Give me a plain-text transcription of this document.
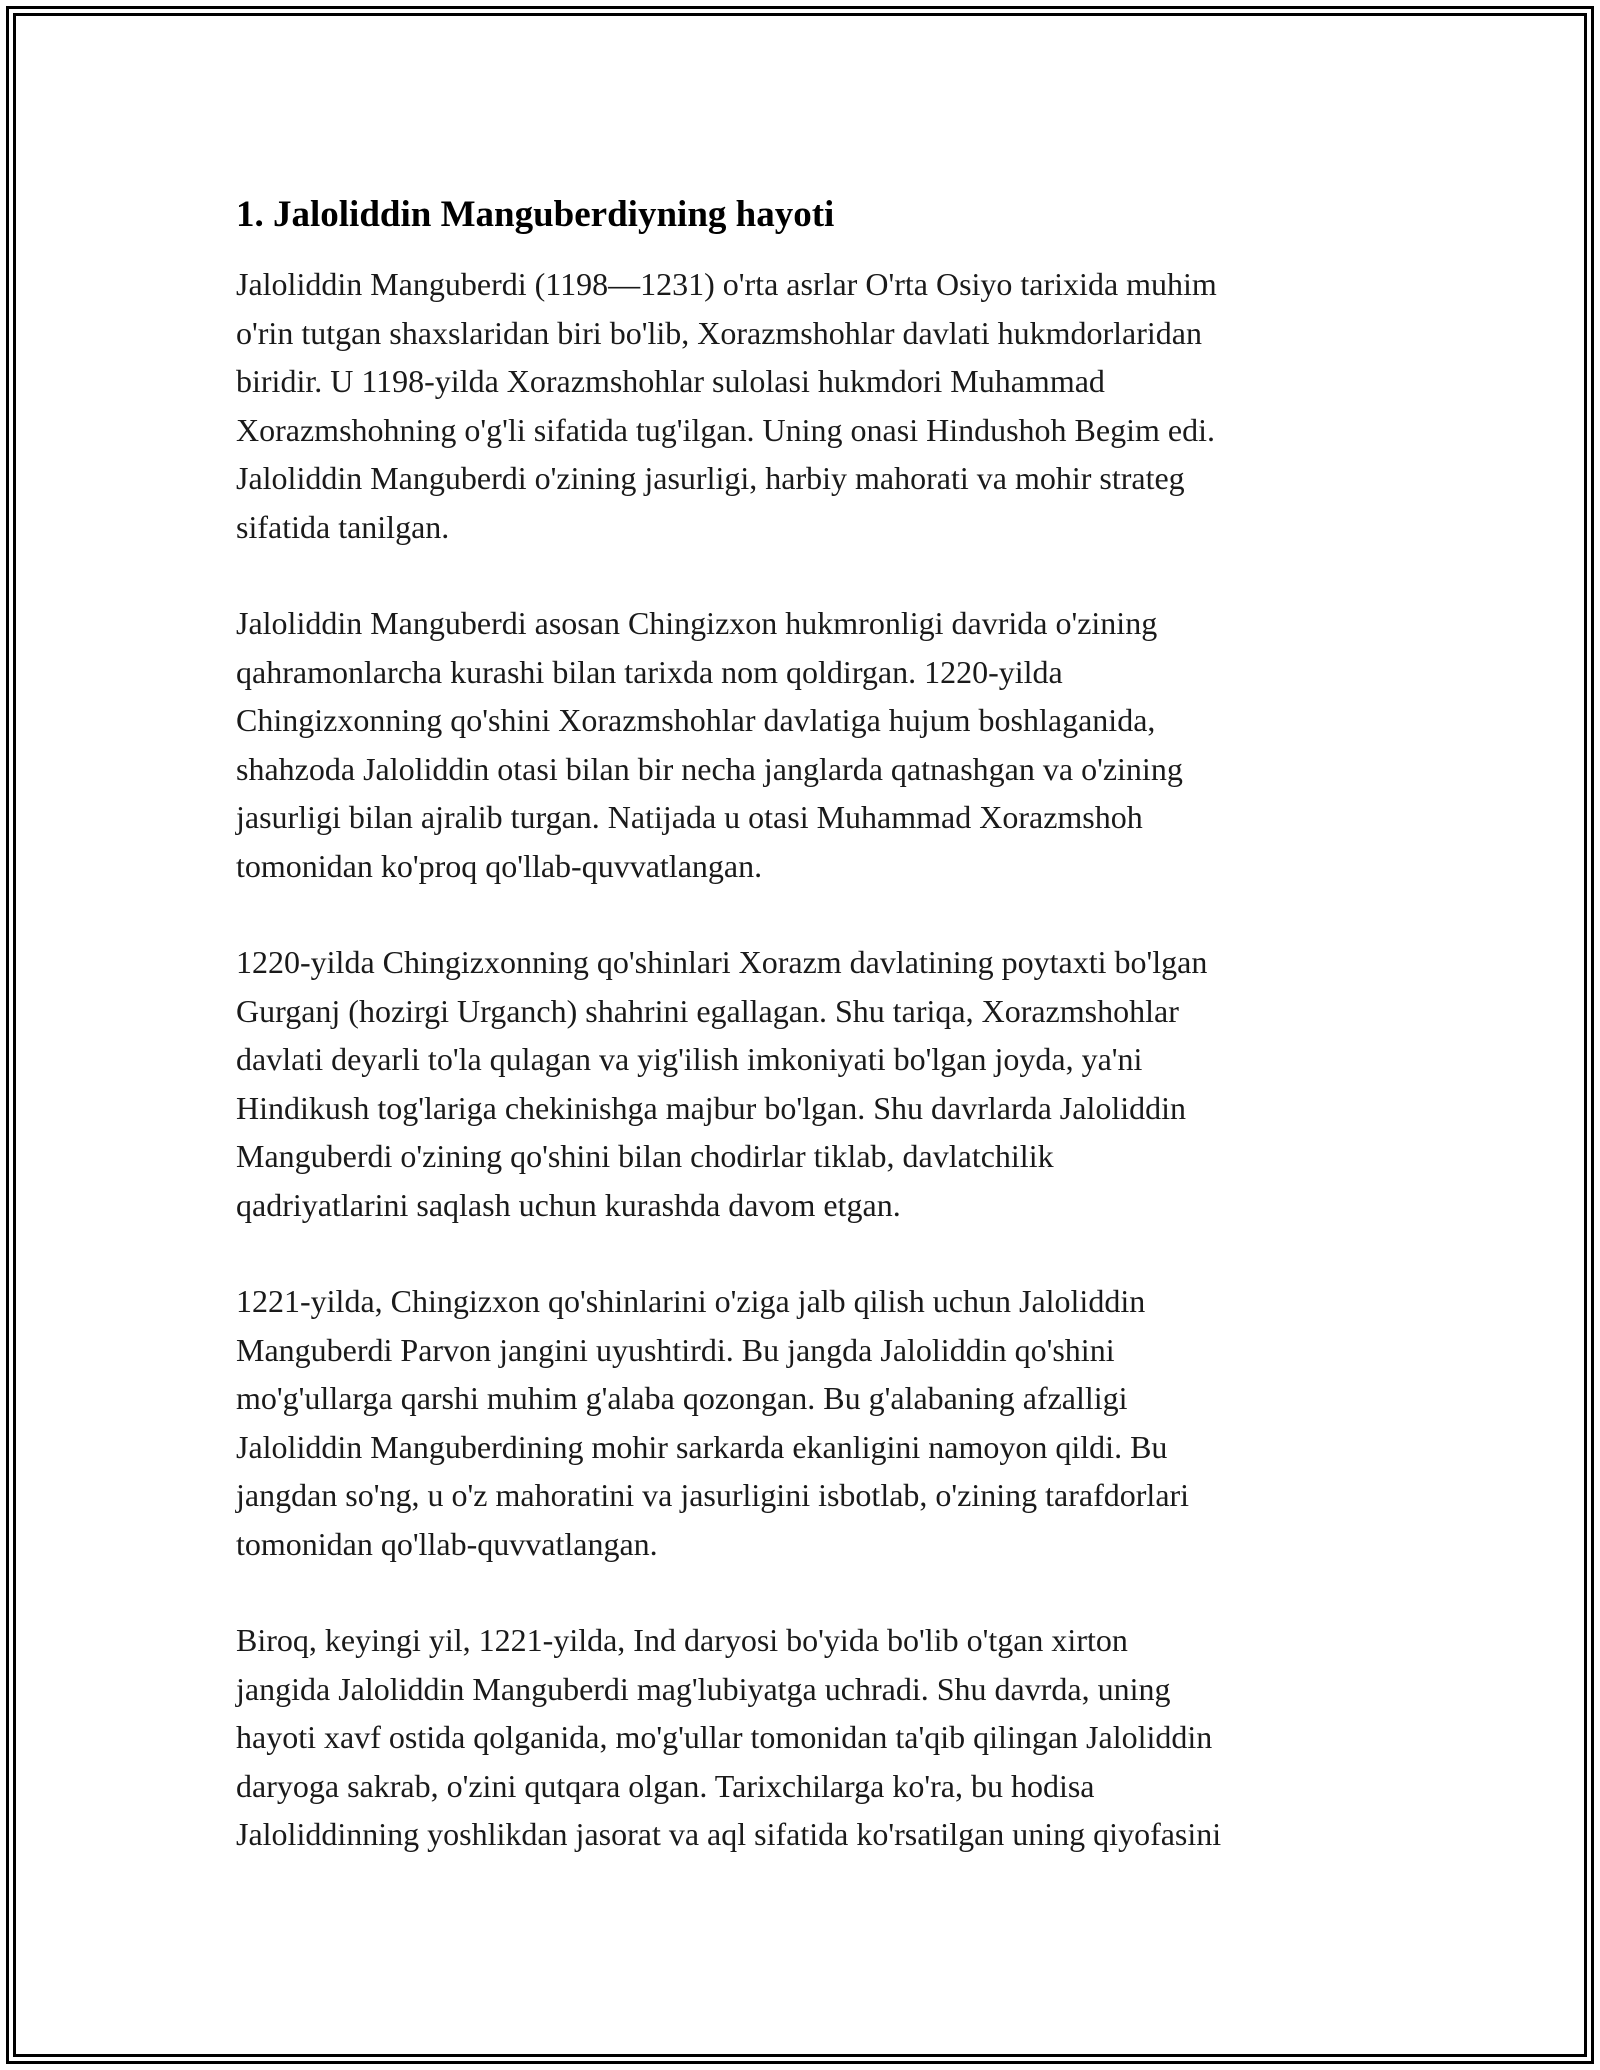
1. Jaloliddin Manguberdiyning hayoti
Jaloliddin Manguberdi (1198—1231) o'rta asrlar O'rta Osiyo tarixida muhim
o'rin tutgan shaxslaridan biri bo'lib, Xorazmshohlar davlati hukmdorlaridan
biridir. U 1198-yilda Xorazmshohlar sulolasi hukmdori Muhammad
Xorazmshohning o'g'li sifatida tug'ilgan. Uning onasi Hindushoh Begim edi.
Jaloliddin Manguberdi o'zining jasurligi, harbiy mahorati va mohir strateg
sifatida tanilgan.
Jaloliddin Manguberdi asosan Chingizxon hukmronligi davrida o'zining
qahramonlarcha kurashi bilan tarixda nom qoldirgan. 1220-yilda
Chingizxonning qo'shini Xorazmshohlar davlatiga hujum boshlaganida,
shahzoda Jaloliddin otasi bilan bir necha janglarda qatnashgan va o'zining
jasurligi bilan ajralib turgan. Natijada u otasi Muhammad Xorazmshoh
tomonidan ko'proq qo'llab-quvvatlangan.
1220-yilda Chingizxonning qo'shinlari Xorazm davlatining poytaxti bo'lgan
Gurganj (hozirgi Urganch) shahrini egallagan. Shu tariqa, Xorazmshohlar
davlati deyarli to'la qulagan va yig'ilish imkoniyati bo'lgan joyda, ya'ni
Hindikush tog'lariga chekinishga majbur bo'lgan. Shu davrlarda Jaloliddin
Manguberdi o'zining qo'shini bilan chodirlar tiklab, davlatchilik
qadriyatlarini saqlash uchun kurashda davom etgan.
1221-yilda, Chingizxon qo'shinlarini o'ziga jalb qilish uchun Jaloliddin
Manguberdi Parvon jangini uyushtirdi. Bu jangda Jaloliddin qo'shini
mo'g'ullarga qarshi muhim g'alaba qozongan. Bu g'alabaning afzalligi
Jaloliddin Manguberdining mohir sarkarda ekanligini namoyon qildi. Bu
jangdan so'ng, u o'z mahoratini va jasurligini isbotlab, o'zining tarafdorlari
tomonidan qo'llab-quvvatlangan.
Biroq, keyingi yil, 1221-yilda, Ind daryosi bo'yida bo'lib o'tgan xirton
jangida Jaloliddin Manguberdi mag'lubiyatga uchradi. Shu davrda, uning
hayoti xavf ostida qolganida, mo'g'ullar tomonidan ta'qib qilingan Jaloliddin
daryoga sakrab, o'zini qutqara olgan. Tarixchilarga ko'ra, bu hodisa
Jaloliddinning yoshlikdan jasorat va aql sifatida ko'rsatilgan uning qiyofasini
